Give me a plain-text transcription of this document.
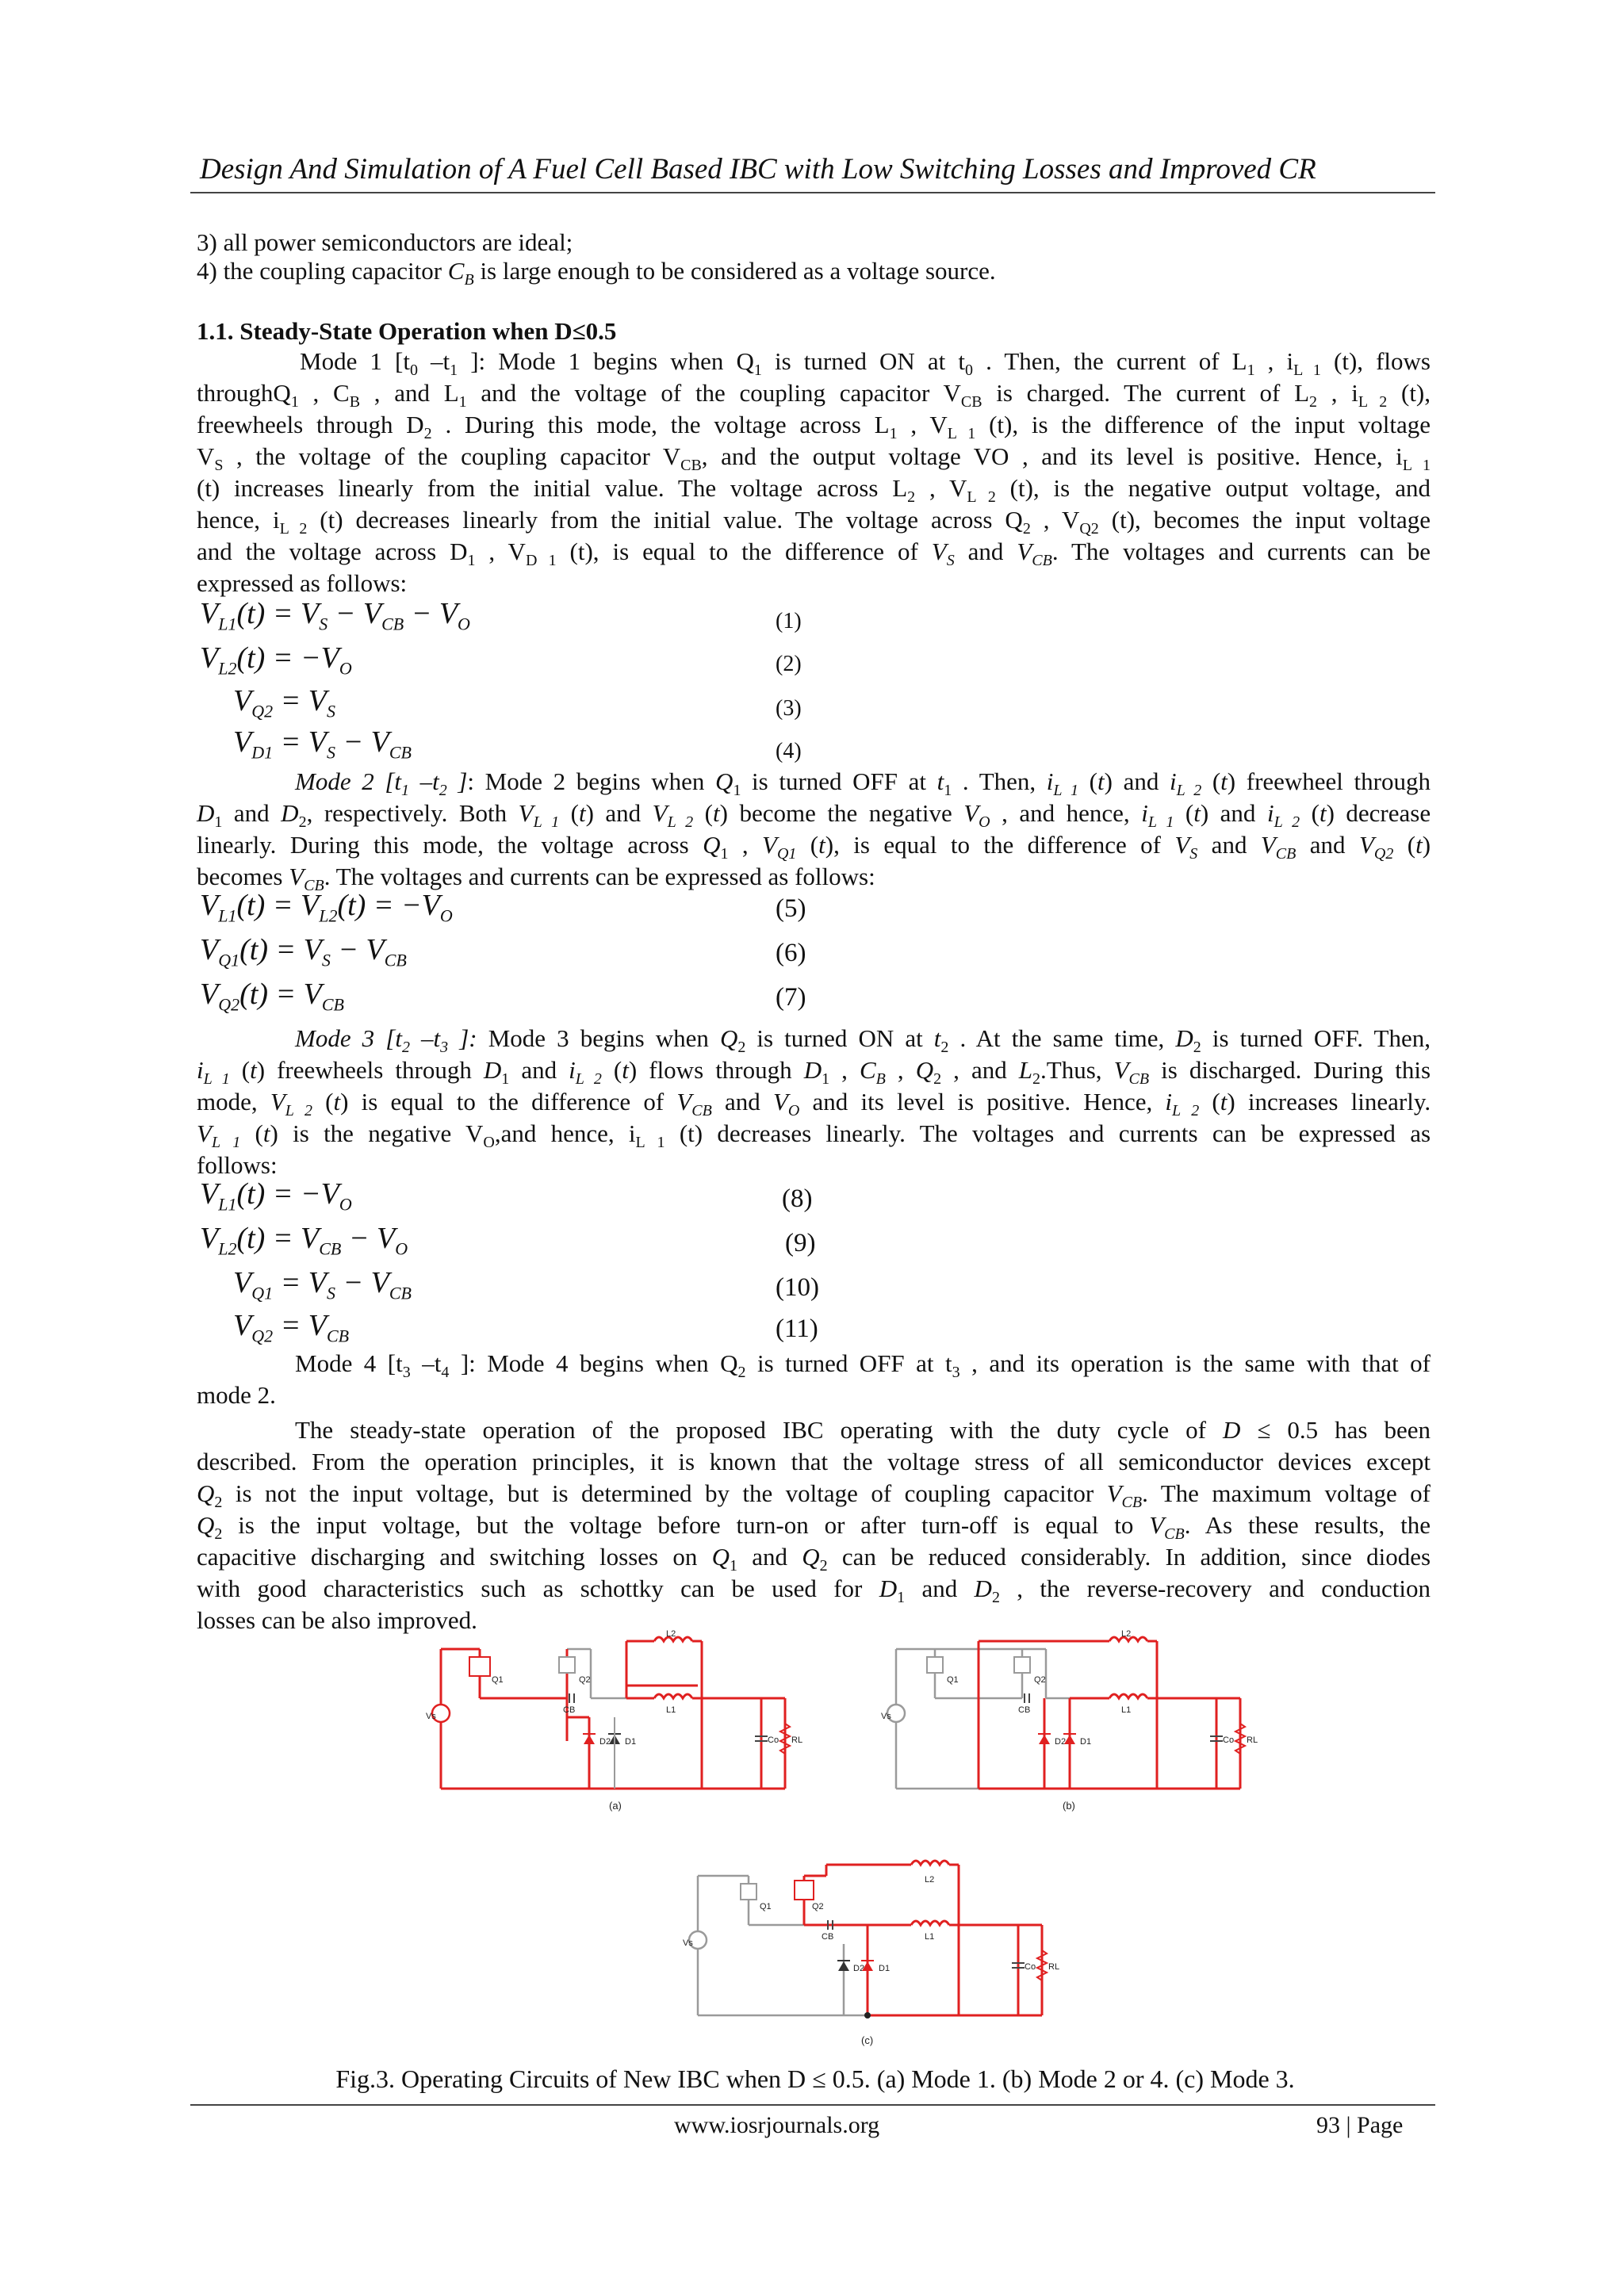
Design And Simulation of A Fuel Cell Based IBC with Low Switching Losses and Improved CR
3) all power semiconductors are ideal;
4) the coupling capacitor $C_B$ is large enough to be considered as a voltage source.
1.1. Steady-State Operation when D≤0.5
Mode 1 [$t_0$ $-t_1$ ]: Mode 1 begins when $Q_1$ is turned ON at $t_0$ . Then, the current of $L_1$ , $i_{L 1}$ (t), flows
throughQ$_1$ , $C_B$ , and $L_1$ and the voltage of the coupling capacitor $V_{CB}$ is charged. The current of $L_2$ , $i_{L 2}$ (t),
freewheels through $D_2$ . During this mode, the voltage across $L_1$ , $V_{L 1}$ (t), is the difference of the input voltage
$V_S$ , the voltage of the coupling capacitor $V_{CB}$, and the output voltage VO , and its level is positive. Hence, $i_{L 1}$
(t) increases linearly from the initial value. The voltage across $L_2$ , $V_{L 2}$ (t), is the negative output voltage, and
hence, $i_{L 2}$ (t) decreases linearly from the initial value. The voltage across $Q_2$ , $V_{Q2}$ (t), becomes the input voltage
and the voltage across $D_1$ , $V_{D 1}$ (t), is equal to the difference of $V_S$ and $V_{CB}$. The voltages and currents can be
expressed as follows:
$V_{L1}(t) = V_S - V_{CB} - V_O$	(1)
$V_{L2}(t) = -V_O$	(2)
$V_{Q2} = V_S$	(3)
$V_{D1} = V_S - V_{CB}$	(4)
Mode 2 [$t_1$ $-t_2$ ]: Mode 2 begins when $Q_1$ is turned OFF at $t_1$ . Then, $i_{L 1}$ (t) and $i_{L 2}$ (t) freewheel through
$D_1$ and $D_2$, respectively. Both $V_{L 1}$ (t) and $V_{L 2}$ (t) become the negative $V_O$ , and hence, $i_{L 1}$ (t) and $i_{L 2}$ (t) decrease
linearly. During this mode, the voltage across $Q_1$ , $V_{Q1}$ (t), is equal to the difference of $V_S$ and $V_{CB}$ and $V_{Q2}$ (t)
becomes $V_{CB}$. The voltages and currents can be expressed as follows:
$V_{L1}(t) = V_{L2}(t) = -V_O$	(5)
$V_{Q1}(t) = V_S - V_{CB}$	(6)
$V_{Q2}(t) = V_{CB}$	(7)
Mode 3 [$t_2$ $-t_3$ ]: Mode 3 begins when $Q_2$ is turned ON at $t_2$ . At the same time, $D_2$ is turned OFF. Then,
$i_{L 1}$ (t) freewheels through $D_1$ and $i_{L 2}$ (t) flows through $D_1$ , $C_B$ , $Q_2$ , and $L_2.Thus$, $V_{CB}$ is discharged. During this
mode, $V_{L 2}$ (t) is equal to the difference of $V_{CB}$ and $V_O$ and its level is positive. Hence, $i_{L 2}$ (t) increases linearly.
$V_{L 1}$ (t) is the negative $V_O,and$ hence, $i_{L 1}$ (t) decreases linearly. The voltages and currents can be expressed as
follows:
$V_{L1}(t) = -V_O$	(8)
$V_{L2}(t) = V_{CB} - V_O$	(9)
$V_{Q1} = V_S - V_{CB}$	(10)
$V_{Q2} = V_{CB}$	(11)
Mode 4 [$t_3$ $-t_4$ ]: Mode 4 begins when $Q_2$ is turned OFF at $t_3$ , and its operation is the same with that of
mode 2.
The steady-state operation of the proposed IBC operating with the duty cycle of D ≤ 0.5 has been
described. From the operation principles, it is known that the voltage stress of all semiconductor devices except
$Q_2$ is not the input voltage, but is determined by the voltage of coupling capacitor $V_{CB}$. The maximum voltage of
$Q_2$ is the input voltage, but the voltage before turn-on or after turn-off is equal to $V_{CB}$. As these results, the
capacitive discharging and switching losses on $Q_1$ and $Q_2$ can be reduced considerably. In addition, since diodes
with good characteristics such as schottky can be used for $D_1$ and $D_2$ , the reverse-recovery and conduction
losses can be also improved.
Vs
Q1	Q2
CB
L2
L1
D2 D1	Co RL
(a)
Vs
Q1	Q2
CB
L2
L1
D2 D1	Co RL
(b)
Vs
Q1	Q2
CB
L2
L1
D2 D1	Co RL
(c)
Fig.3. Operating Circuits of New IBC when D ≤ 0.5. (a) Mode 1. (b) Mode 2 or 4. (c) Mode 3.
www.iosrjournals.org	93 | Page
